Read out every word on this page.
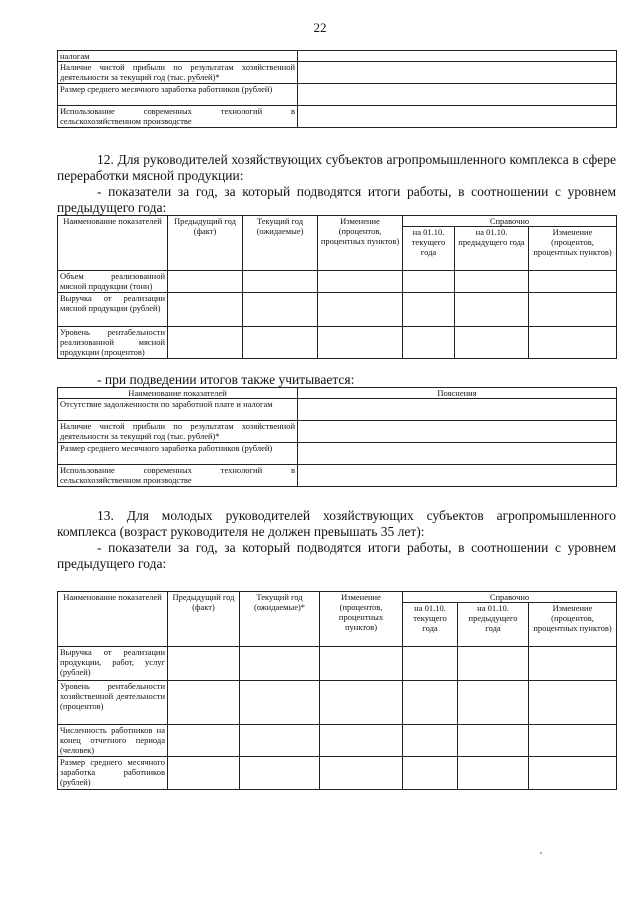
22
налогам	
Наличие чистой прибыли по результатам хозяйственной деятельности за текущий год (тыс. рублей)*	
Размер среднего месячного заработка работников (рублей)	
Использование современных технологий в сельскохозяйственном производстве	

12. Для руководителей хозяйствующих субъектов агропромышленного комплекса в сфере переработки мясной продукции:

- показатели за год, за который подводятся итоги работы, в соотношении с уровнем предыдущего года:

Наименование показателей	Предыдущий год (факт)	Текущий год (ожидаемые)	Изменение (процентов, процентных пунктов)	Справочно		
				на 01.10. текущего года	на 01.10. предыдущего года	Изменение (процентов, процентных пунктов)
Объем реализованной мясной продукции (тонн)						
Выручка от реализации мясной продукции (рублей)						
Уровень рентабельности реализованной мясной продукции (процентов)						

- при подведении итогов также учитывается:

Наименование показателей	Пояснения
Отсутствие задолженности по заработной плате и налогам	
Наличие чистой прибыли по результатам хозяйственной деятельности за текущий год (тыс. рублей)*	
Размер среднего месячного заработка работников (рублей)	
Использование современных технологий в сельскохозяйственном производстве	

13. Для молодых руководителей хозяйствующих субъектов агропромышленного комплекса (возраст руководителя не должен превышать 35 лет):

- показатели за год, за который подводятся итоги работы, в соотношении с уровнем предыдущего года:

Наименование показателей	Предыдущий год (факт)	Текущий год (ожидаемые)*	Изменение (процентов, процентных пунктов)	Справочно		
				на 01.10. текущего года	на 01.10. предыдущего года	Изменение (процентов, процентных пунктов)
Выручка от реализации продукции, работ, услуг (рублей)						
Уровень рентабельности хозяйственной деятельности (процентов)						
Численность работников на конец отчетного периода (человек)						
Размер среднего месячного заработка работников (рублей)						
